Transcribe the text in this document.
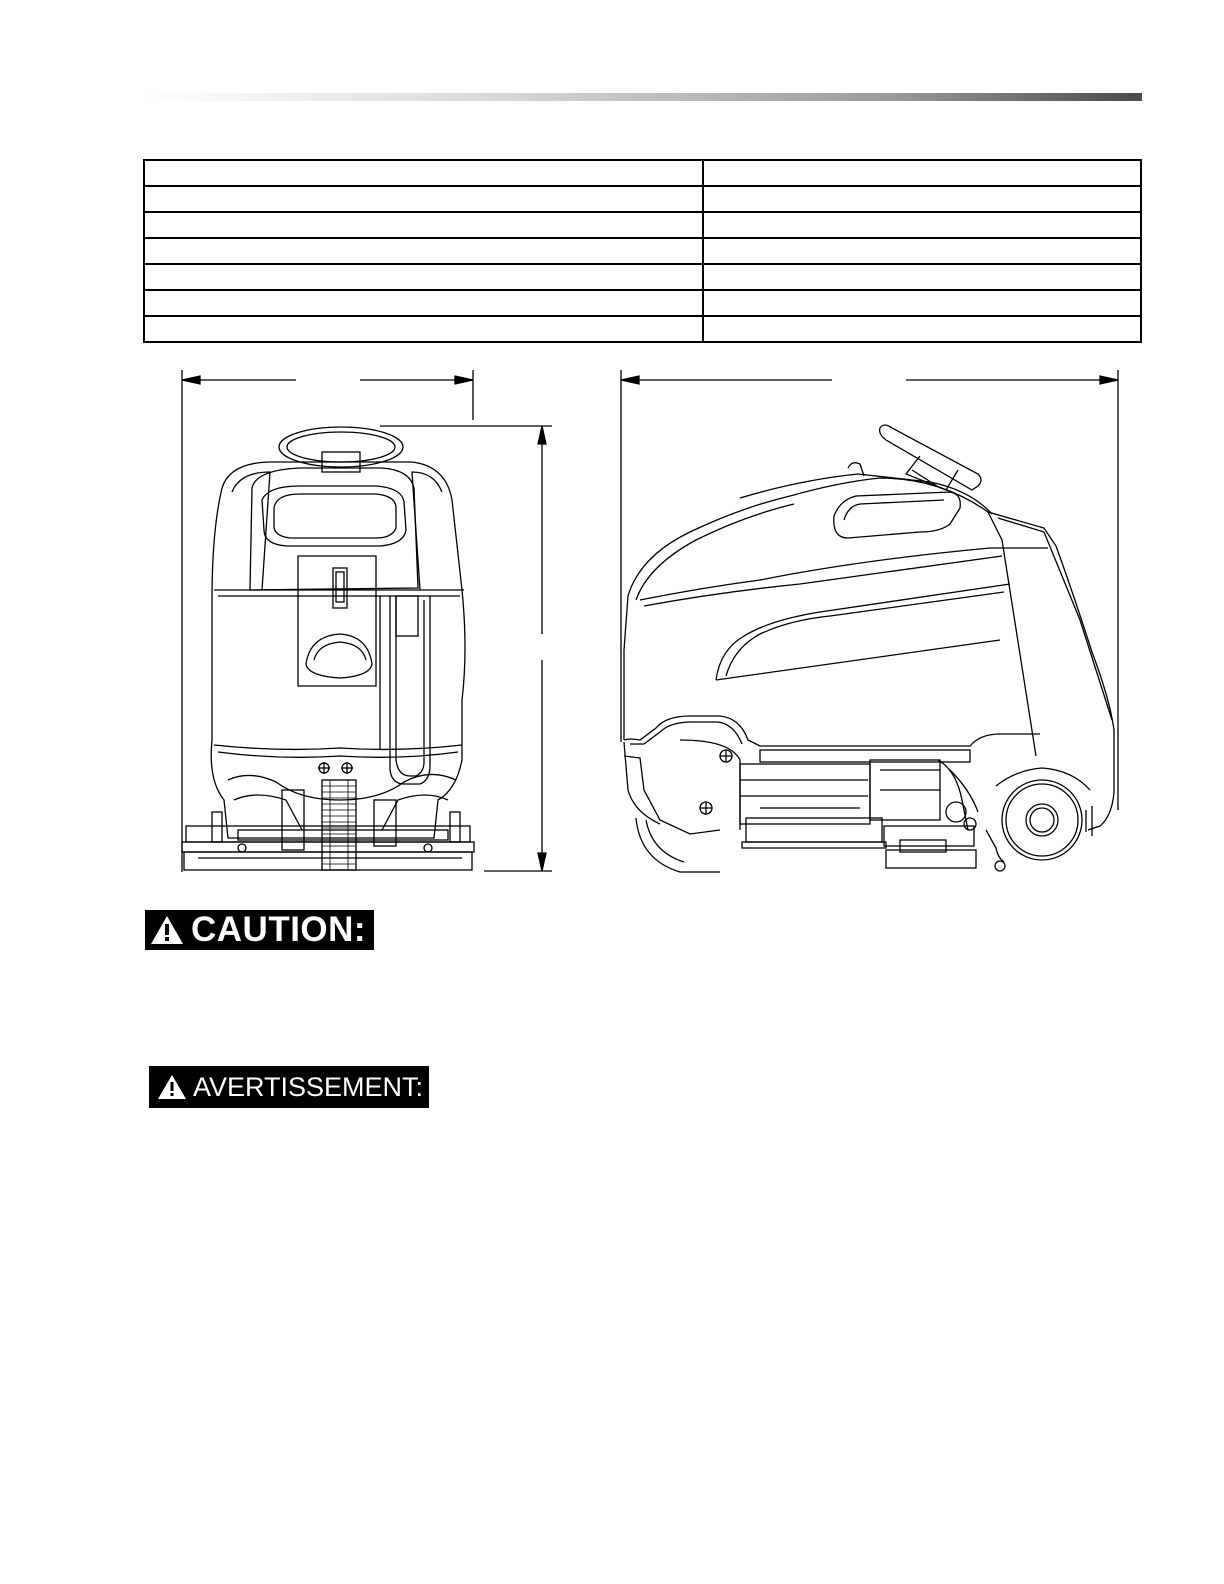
CAUTION:
AVERTISSEMENT:
